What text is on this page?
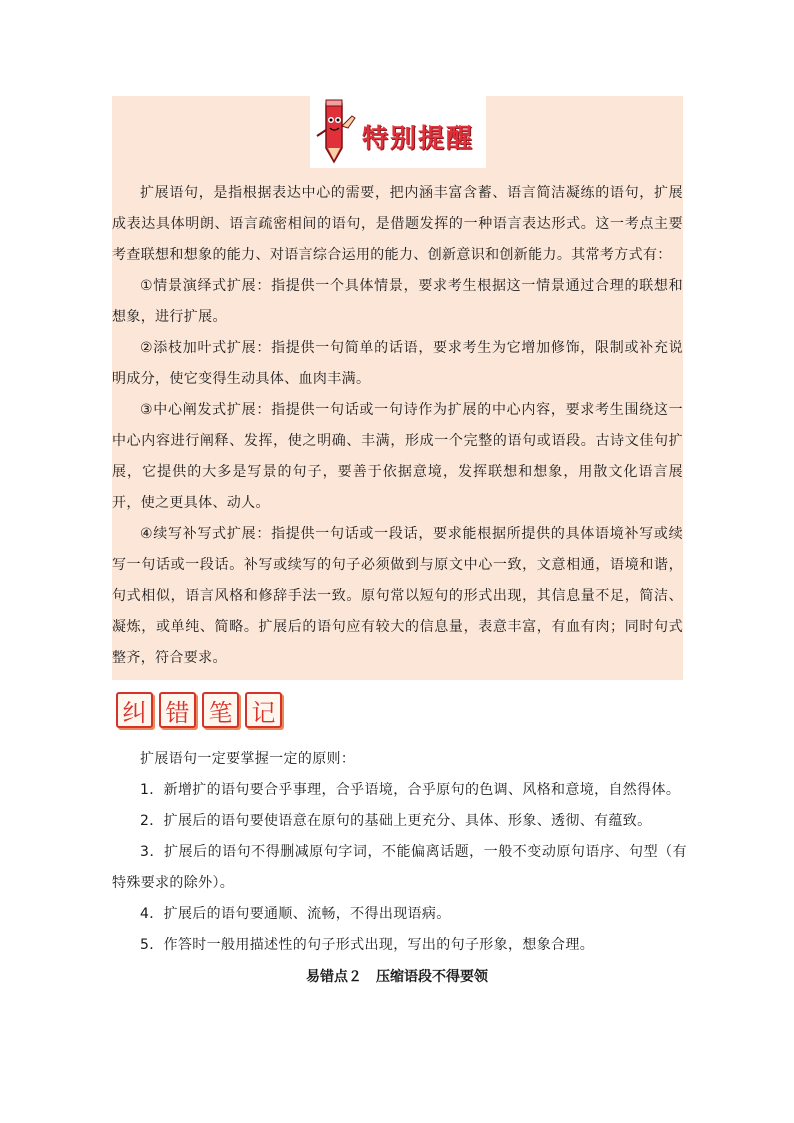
特别提醒

扩展语句，是指根据表达中心的需要，把内涵丰富含蓄、语言简洁凝练的语句，扩展成表达具体明朗、语言疏密相间的语句，是借题发挥的一种语言表达形式。这一考点主要考查联想和想象的能力、对语言综合运用的能力、创新意识和创新能力。其常考方式有：

①情景演绎式扩展：指提供一个具体情景，要求考生根据这一情景通过合理的联想和想象，进行扩展。

②添枝加叶式扩展：指提供一句简单的话语，要求考生为它增加修饰，限制或补充说明成分，使它变得生动具体、血肉丰满。

③中心阐发式扩展：指提供一句话或一句诗作为扩展的中心内容，要求考生围绕这一中心内容进行阐释、发挥，使之明确、丰满，形成一个完整的语句或语段。古诗文佳句扩展，它提供的大多是写景的句子，要善于依据意境，发挥联想和想象，用散文化语言展开，使之更具体、动人。

④续写补写式扩展：指提供一句话或一段话，要求能根据所提供的具体语境补写或续写一句话或一段话。补写或续写的句子必须做到与原文中心一致，文意相通，语境和谐，句式相似，语言风格和修辞手法一致。原句常以短句的形式出现，其信息量不足，简洁、凝炼，或单纯、简略。扩展后的语句应有较大的信息量，表意丰富，有血有肉；同时句式整齐，符合要求。

纠 错 笔 记

扩展语句一定要掌握一定的原则：

1．新增扩的语句要合乎事理，合乎语境，合乎原句的色调、风格和意境，自然得体。

2．扩展后的语句要使语意在原句的基础上更充分、具体、形象、透彻、有蕴致。

3．扩展后的语句不得删减原句字词，不能偏离话题，一般不变动原句语序、句型（有特殊要求的除外）。

4．扩展后的语句要通顺、流畅，不得出现语病。

5．作答时一般用描述性的句子形式出现，写出的句子形象，想象合理。

易错点２　压缩语段不得要领
